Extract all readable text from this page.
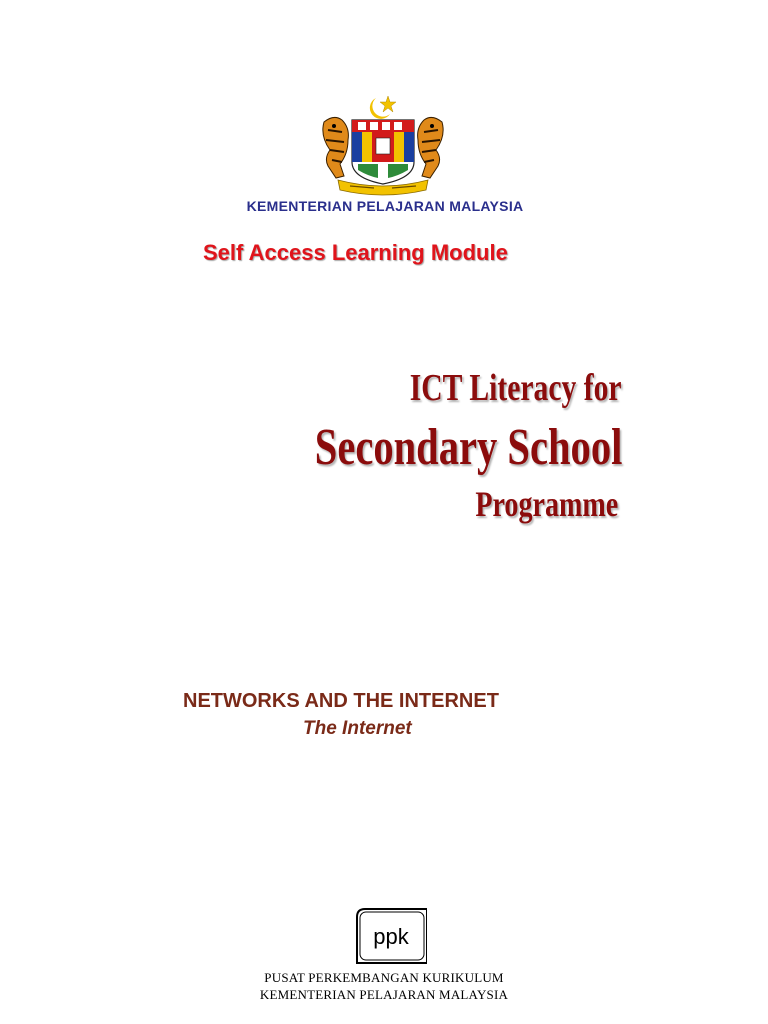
KEMENTERIAN PELAJARAN MALAYSIA
Self Access Learning Module
ICT Literacy for
Secondary School
Programme
NETWORKS AND THE INTERNET
The Internet
ppk
PUSAT PERKEMBANGAN KURIKULUM
KEMENTERIAN PELAJARAN MALAYSIA
